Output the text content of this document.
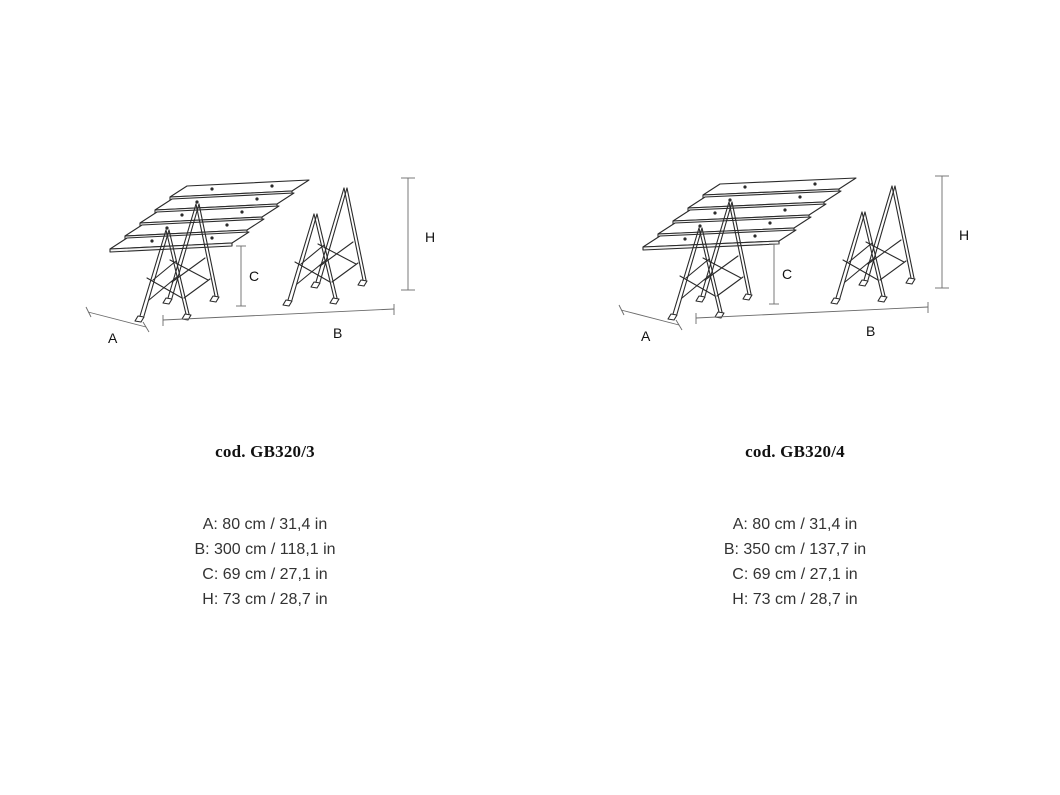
H
C
B
A
cod. GB320/3
A: 80 cm / 31,4 in
B: 300 cm / 118,1 in
C: 69 cm / 27,1 in
H: 73 cm / 28,7 in
H
C
B
A
cod. GB320/4
A: 80 cm / 31,4 in
B: 350 cm / 137,7 in
C: 69 cm / 27,1 in
H: 73 cm / 28,7 in
